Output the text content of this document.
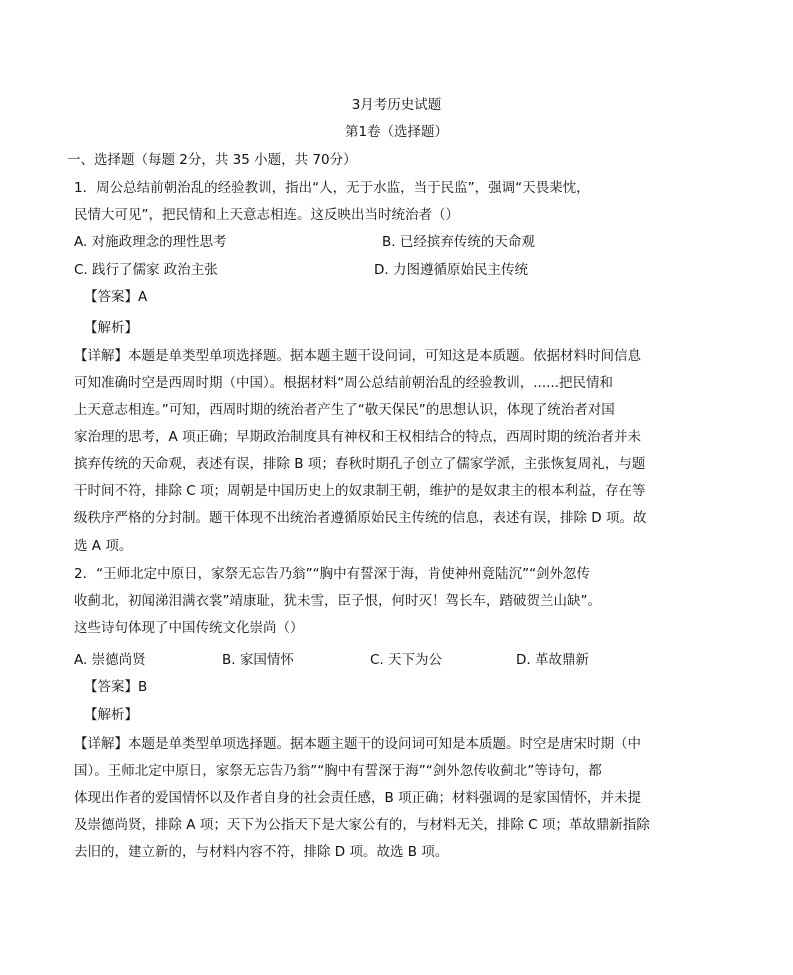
3月考历史试题
第1卷（选择题）
一、选择题（每题 2分，共 35 小题，共 70分）
1．周公总结前朝治乱的经验教训，指出“人，无于水监，当于民监”，强调“天畏棐忱，
民情大可见”，把民情和上天意志相连。这反映出当时统治者（）
A. 对施政理念的理性思考	B. 已经摈弃传统的天命观
C. 践行了儒家 政治主张	D. 力图遵循原始民主传统
【答案】A
【解析】
【详解】本题是单类型单项选择题。据本题主题干设问词，可知这是本质题。依据材料时间信息
可知准确时空是西周时期（中国）。根据材料“周公总结前朝治乱的经验教训，......把民情和
上天意志相连。”可知，西周时期的统治者产生了“敬天保民”的思想认识，体现了统治者对国
家治理的思考，A 项正确；早期政治制度具有神权和王权相结合的特点，西周时期的统治者并未
摈弃传统的天命观，表述有误，排除 B 项；春秋时期孔子创立了儒家学派，主张恢复周礼，与题
干时间不符，排除 C 项；周朝是中国历史上的奴隶制王朝，维护的是奴隶主的根本利益，存在等
级秩序严格的分封制。题干体现不出统治者遵循原始民主传统的信息，表述有误，排除 D 项。故
选 A 项。
2．“王师北定中原日，家祭无忘告乃翁”“胸中有誓深于海，肯使神州竟陆沉”“剑外忽传
收蓟北，初闻涕泪满衣裳”靖康耻，犹未雪，臣子恨，何时灭！驾长车，踏破贺兰山缺”。
这些诗句体现了中国传统文化崇尚（）
A. 崇德尚贤	B. 家国情怀	C. 天下为公	D. 革故鼎新
【答案】B
【解析】
【详解】本题是单类型单项选择题。据本题主题干的设问词可知是本质题。时空是唐宋时期（中
国）。王师北定中原日，家祭无忘告乃翁”“胸中有誓深于海”“剑外忽传收蓟北”等诗句，都
体现出作者的爱国情怀以及作者自身的社会责任感，B 项正确；材料强调的是家国情怀，并未提
及崇德尚贤，排除 A 项；天下为公指天下是大家公有的，与材料无关，排除 C 项；革故鼎新指除
去旧的，建立新的，与材料内容不符，排除 D 项。故选 B 项。
